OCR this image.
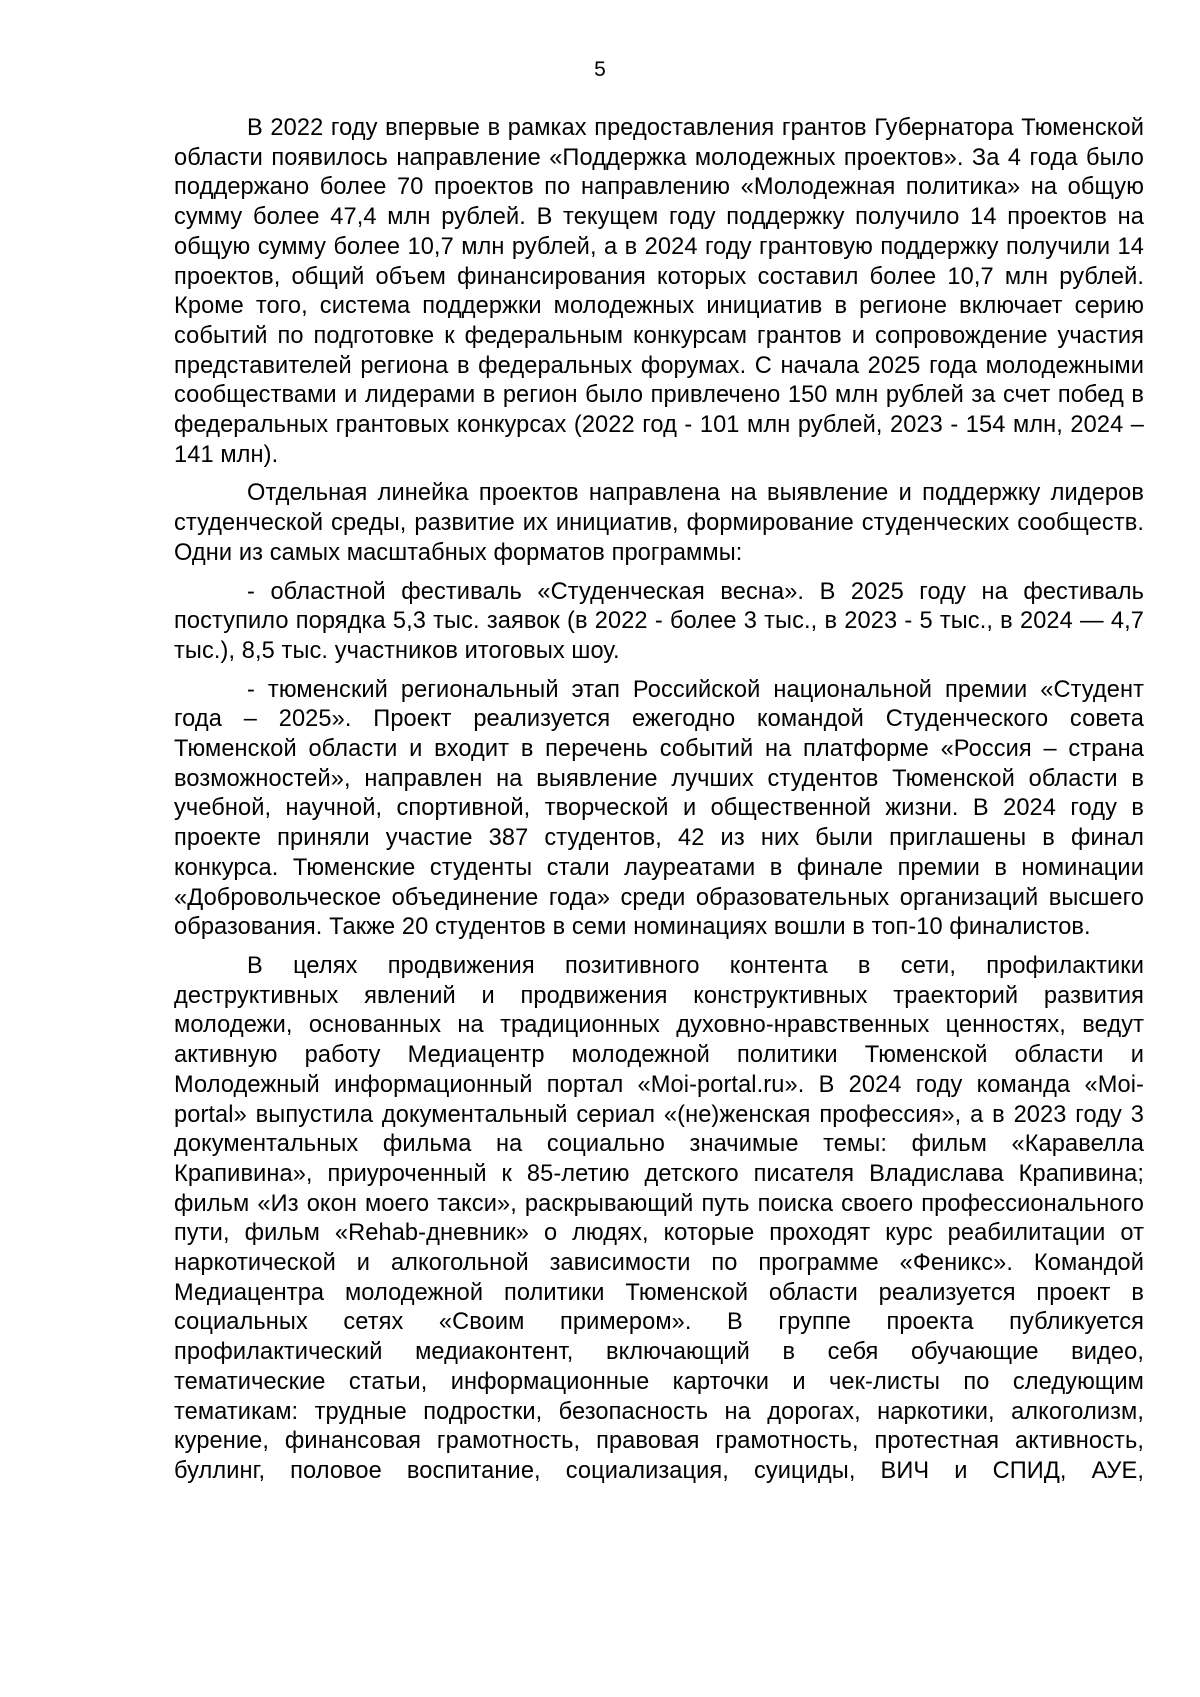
5

В 2022 году впервые в рамках предоставления грантов Губернатора Тюменской области появилось направление «Поддержка молодежных проектов». За 4 года было поддержано более 70 проектов по направлению «Молодежная политика» на общую сумму более 47,4 млн рублей. В текущем году поддержку получило 14 проектов на общую сумму более 10,7 млн рублей, а в 2024 году грантовую поддержку получили 14 проектов, общий объем финансирования которых составил более 10,7 млн рублей. Кроме того, система поддержки молодежных инициатив в регионе включает серию событий по подготовке к федеральным конкурсам грантов и сопровождение участия представителей региона в федеральных форумах. С начала 2025 года молодежными сообществами и лидерами в регион было привлечено 150 млн рублей за счет побед в федеральных грантовых конкурсах (2022 год - 101 млн рублей, 2023 - 154 млн, 2024 – 141 млн).

Отдельная линейка проектов направлена на выявление и поддержку лидеров студенческой среды, развитие их инициатив, формирование студенческих сообществ. Одни из самых масштабных форматов программы:

- областной фестиваль «Студенческая весна». В 2025 году на фестиваль поступило порядка 5,3 тыс. заявок (в 2022 - более 3 тыс., в 2023 - 5 тыс., в 2024 — 4,7 тыс.), 8,5 тыс. участников итоговых шоу.

- тюменский региональный этап Российской национальной премии «Студент года – 2025». Проект реализуется ежегодно командой Студенческого совета Тюменской области и входит в перечень событий на платформе «Россия – страна возможностей», направлен на выявление лучших студентов Тюменской области в учебной, научной, спортивной, творческой и общественной жизни. В 2024 году в проекте приняли участие 387 студентов, 42 из них были приглашены в финал конкурса. Тюменские студенты стали лауреатами в финале премии в номинации «Добровольческое объединение года» среди образовательных организаций высшего образования. Также 20 студентов в семи номинациях вошли в топ-10 финалистов.

В целях продвижения позитивного контента в сети, профилактики деструктивных явлений и продвижения конструктивных траекторий развития молодежи, основанных на традиционных духовно-нравственных ценностях, ведут активную работу Медиацентр молодежной политики Тюменской области и Молодежный информационный портал «Moi-portal.ru». В 2024 году команда «Moi-portal» выпустила документальный сериал «(не)женская профессия», а в 2023 году 3 документальных фильма на социально значимые темы: фильм «Каравелла Крапивина», приуроченный к 85-летию детского писателя Владислава Крапивина; фильм «Из окон моего такси», раскрывающий путь поиска своего профессионального пути, фильм «Rehab-дневник» о людях, которые проходят курс реабилитации от наркотической и алкогольной зависимости по программе «Феникс». Командой Медиацентра молодежной политики Тюменской области реализуется проект в социальных сетях «Своим примером». В группе проекта публикуется профилактический медиаконтент, включающий в себя обучающие видео, тематические статьи, информационные карточки и чек-листы по следующим тематикам: трудные подростки, безопасность на дорогах, наркотики, алкоголизм, курение, финансовая грамотность, правовая грамотность, протестная активность, буллинг, половое воспитание, социализация, суициды, ВИЧ и СПИД, АУЕ,
